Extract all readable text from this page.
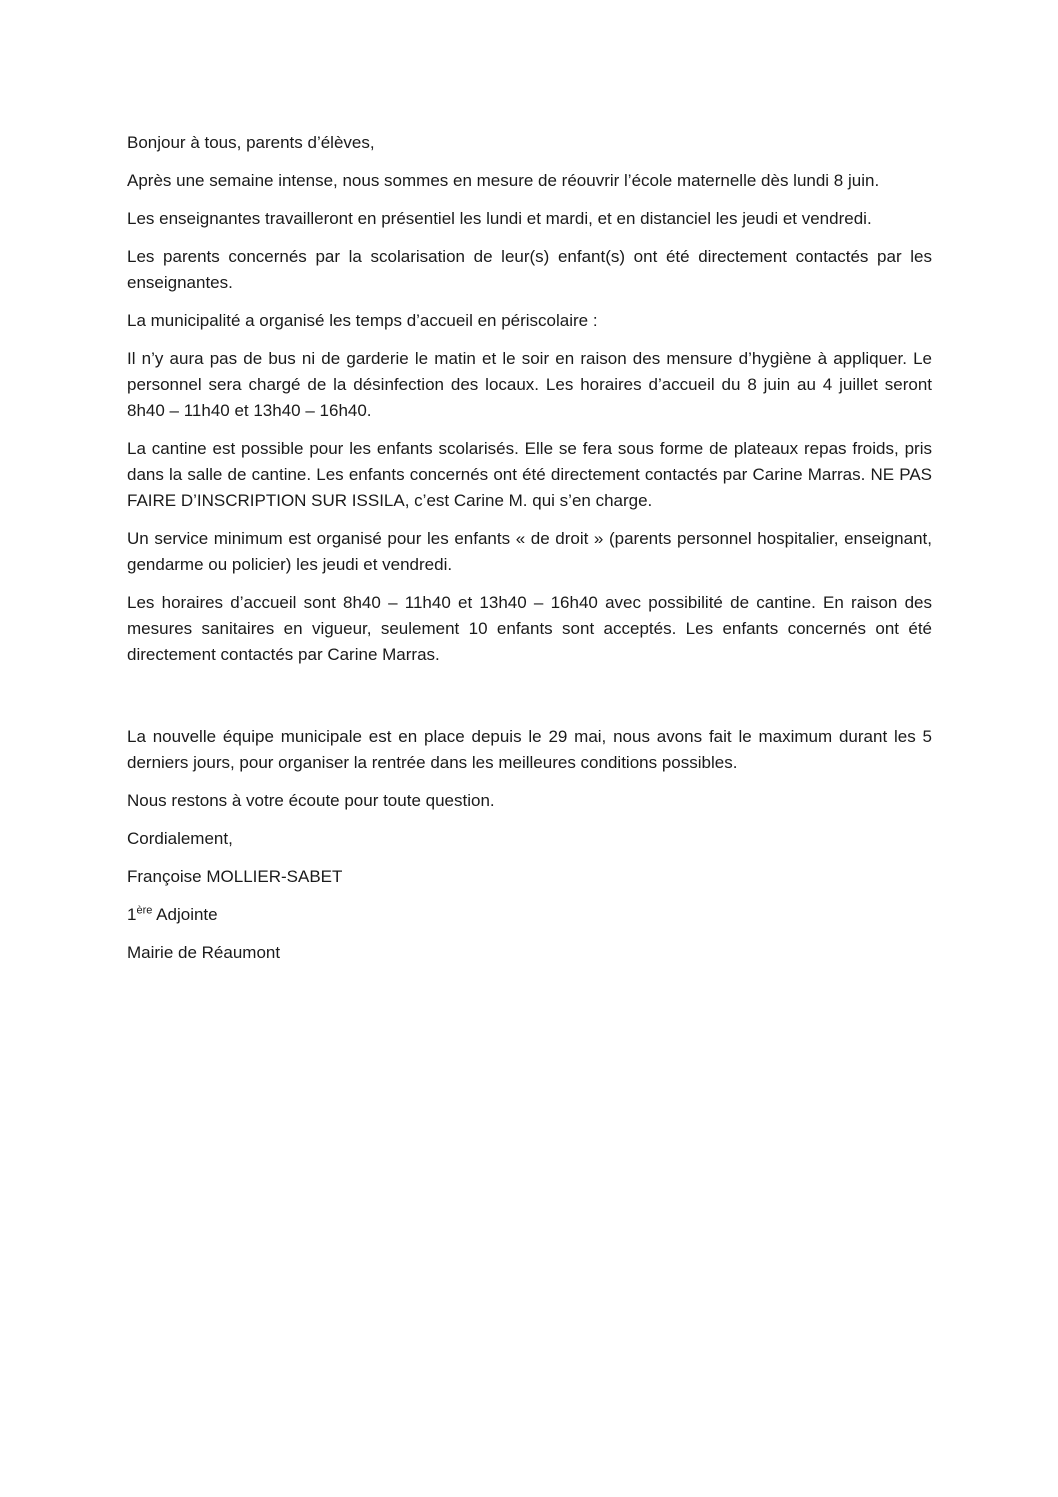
Bonjour à tous, parents d’élèves,

Après une semaine intense, nous sommes en mesure de réouvrir l’école maternelle dès lundi 8 juin.

Les enseignantes travailleront en présentiel les lundi et mardi, et en distanciel les jeudi et vendredi.

Les parents concernés par la scolarisation de leur(s) enfant(s) ont été directement contactés par les enseignantes.

La municipalité a organisé les temps d’accueil en périscolaire :

Il n’y aura pas de bus ni de garderie le matin et le soir en raison des mensure d’hygiène à appliquer. Le personnel sera chargé de la désinfection des locaux. Les horaires d’accueil du 8 juin au 4 juillet seront 8h40 – 11h40 et 13h40 – 16h40.

La cantine est possible pour les enfants scolarisés. Elle se fera sous forme de plateaux repas froids, pris dans la salle de cantine. Les enfants concernés ont été directement contactés par Carine Marras. NE PAS FAIRE D’INSCRIPTION SUR ISSILA, c’est Carine M. qui s’en charge.

Un service minimum est organisé pour les enfants « de droit » (parents personnel hospitalier, enseignant, gendarme ou policier) les jeudi et vendredi.

Les horaires d’accueil sont 8h40 – 11h40 et 13h40 – 16h40 avec possibilité de cantine. En raison des mesures sanitaires en vigueur, seulement 10 enfants sont acceptés. Les enfants concernés ont été directement contactés par Carine Marras.

La nouvelle équipe municipale est en place depuis le 29 mai, nous avons fait le maximum durant les 5 derniers jours, pour organiser la rentrée dans les meilleures conditions possibles.

Nous restons à votre écoute pour toute question.

Cordialement,

Françoise MOLLIER-SABET

1ère Adjointe

Mairie de Réaumont
